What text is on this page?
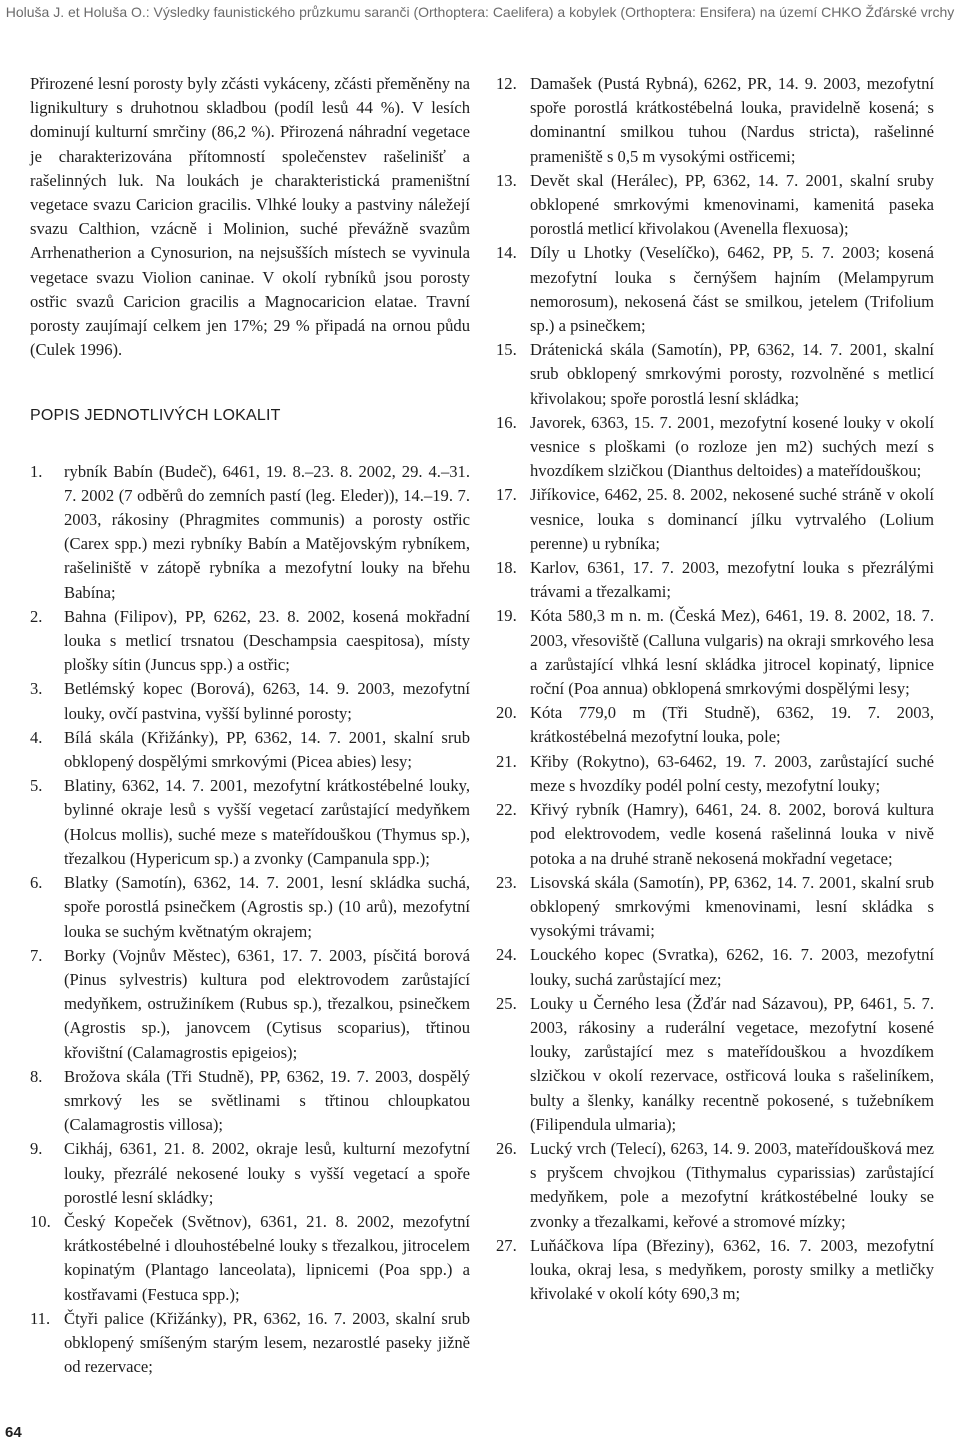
Holuša J. et Holuša O.: Výsledky faunistického průzkumu saranči (Orthoptera: Caelifera) a kobylek (Orthoptera: Ensifera) na území CHKO Žďárské vrchy

Přirozené lesní porosty byly zčásti vykáceny, zčásti přeměněny na lignikultury s druhotnou skladbou (podíl lesů 44 %). V lesích dominují kulturní smrčiny (86,2 %). Přirozená náhradní vegetace je charakterizována přítomností společenstev rašelinišť a rašelinných luk. Na loukách je charakteristická prameništní vegetace svazu Caricion gracilis. Vlhké louky a pastviny náležejí svazu Calthion, vzácně i Molinion, suché převážně svazům Arrhenatherion a Cynosurion, na nejsušších místech se vyvinula vegetace svazu Violion caninae. V okolí rybníků jsou porosty ostřic svazů Caricion gracilis a Magnocaricion elatae. Travní porosty zaujímají celkem jen 17%; 29 % připadá na ornou půdu (Culek 1996).

POPIS JEDNOTLIVÝCH LOKALIT
1. rybník Babín (Budeč), 6461, 19. 8.–23. 8. 2002, 29. 4.–31. 7. 2002 (7 odběrů do zemních pastí (leg. Eleder)), 14.–19. 7. 2003, rákosiny (Phragmites communis) a porosty ostřic (Carex spp.) mezi rybníky Babín a Matějovským rybníkem, rašeliniště v zátopě rybníka a mezofytní louky na břehu Babína;
2. Bahna (Filipov), PP, 6262, 23. 8. 2002, kosená mokřadní louka s metlicí trsnatou (Deschampsia caespitosa), místy plošky sítin (Juncus spp.) a ostřic;
3. Betlémský kopec (Borová), 6263, 14. 9. 2003, mezofytní louky, ovčí pastvina, vyšší bylinné porosty;
4. Bílá skála (Křižánky), PP, 6362, 14. 7. 2001, skalní srub obklopený dospělými smrkovými (Picea abies) lesy;
5. Blatiny, 6362, 14. 7. 2001, mezofytní krátkostébelné louky, bylinné okraje lesů s vyšší vegetací zarůstající medyňkem (Holcus mollis), suché meze s mateřídouškou (Thymus sp.), třezalkou (Hypericum sp.) a zvonky (Campanula spp.);
6. Blatky (Samotín), 6362, 14. 7. 2001, lesní skládka suchá, spoře porostlá psinečkem (Agrostis sp.) (10 arů), mezofytní louka se suchým květnatým okrajem;
7. Borky (Vojnův Městec), 6361, 17. 7. 2003, písčitá borová (Pinus sylvestris) kultura pod elektrovodem zarůstající medyňkem, ostružiníkem (Rubus sp.), třezalkou, psinečkem (Agrostis sp.), janovcem (Cytisus scoparius), třtinou křovištní (Calamagrostis epigeios);
8. Brožova skála (Tři Studně), PP, 6362, 19. 7. 2003, dospělý smrkový les se světlinami s třtinou chloupkatou (Calamagrostis villosa);
9. Cikháj, 6361, 21. 8. 2002, okraje lesů, kulturní mezofytní louky, přezrálé nekosené louky s vyšší vegetací a spoře porostlé lesní skládky;
10. Český Kopeček (Světnov), 6361, 21. 8. 2002, mezofytní krátkostébelné i dlouhostébelné louky s třezalkou, jitrocelem kopinatým (Plantago lanceolata), lipnicemi (Poa spp.) a kostřavami (Festuca spp.);
11. Čtyři palice (Křižánky), PR, 6362, 16. 7. 2003, skalní srub obklopený smíšeným starým lesem, nezarostlé paseky jižně od rezervace;
12. Damašek (Pustá Rybná), 6262, PR, 14. 9. 2003, mezofytní spoře porostlá krátkostébelná louka, pravidelně kosená; s dominantní smilkou tuhou (Nardus stricta), rašelinné prameniště s 0,5 m vysokými ostřicemi;
13. Devět skal (Herálec), PP, 6362, 14. 7. 2001, skalní sruby obklopené smrkovými kmenovinami, kamenitá paseka porostlá metlicí křivolakou (Avenella flexuosa);
14. Díly u Lhotky (Veselíčko), 6462, PP, 5. 7. 2003; kosená mezofytní louka s černýšem hajním (Melampyrum nemorosum), nekosená část se smilkou, jetelem (Trifolium sp.) a psinečkem;
15. Drátenická skála (Samotín), PP, 6362, 14. 7. 2001, skalní srub obklopený smrkovými porosty, rozvolněné s metlicí křivolakou; spoře porostlá lesní skládka;
16. Javorek, 6363, 15. 7. 2001, mezofytní kosené louky v okolí vesnice s ploškami (o rozloze jen m2) suchých mezí s hvozdíkem slzičkou (Dianthus deltoides) a mateřídouškou;
17. Jiříkovice, 6462, 25. 8. 2002, nekosené suché stráně v okolí vesnice, louka s dominancí jílku vytrvalého (Lolium perenne) u rybníka;
18. Karlov, 6361, 17. 7. 2003, mezofytní louka s přezrálými trávami a třezalkami;
19. Kóta 580,3 m n. m. (Česká Mez), 6461, 19. 8. 2002, 18. 7. 2003, vřesoviště (Calluna vulgaris) na okraji smrkového lesa a zarůstající vlhká lesní skládka jitrocel kopinatý, lipnice roční (Poa annua) obklopená smrkovými dospělými lesy;
20. Kóta 779,0 m (Tři Studně), 6362, 19. 7. 2003, krátkostébelná mezofytní louka, pole;
21. Křiby (Rokytno), 63-6462, 19. 7. 2003, zarůstající suché meze s hvozdíky podél polní cesty, mezofytní louky;
22. Křivý rybník (Hamry), 6461, 24. 8. 2002, borová kultura pod elektrovodem, vedle kosená rašelinná louka v nivě potoka a na druhé straně nekosená mokřadní vegetace;
23. Lisovská skála (Samotín), PP, 6362, 14. 7. 2001, skalní srub obklopený smrkovými kmenovinami, lesní skládka s vysokými trávami;
24. Louckého kopec (Svratka), 6262, 16. 7. 2003, mezofytní louky, suchá zarůstající mez;
25. Louky u Černého lesa (Žďár nad Sázavou), PP, 6461, 5. 7. 2003, rákosiny a ruderální vegetace, mezofytní kosené louky, zarůstající mez s mateřídouškou a hvozdíkem slzičkou v okolí rezervace, ostřicová louka s rašeliníkem, bulty a šlenky, kanálky recentně pokosené, s tužebníkem (Filipendula ulmaria);
26. Lucký vrch (Telecí), 6263, 14. 9. 2003, mateřídoušková mez s pryšcem chvojkou (Tithymalus cyparissias) zarůstající medyňkem, pole a mezofytní krátkostébelné louky se zvonky a třezalkami, keřové a stromové mízky;
27. Luňáčkova lípa (Březiny), 6362, 16. 7. 2003, mezofytní louka, okraj lesa, s medyňkem, porosty smilky a metličky křivolaké v okolí kóty 690,3 m;
64
